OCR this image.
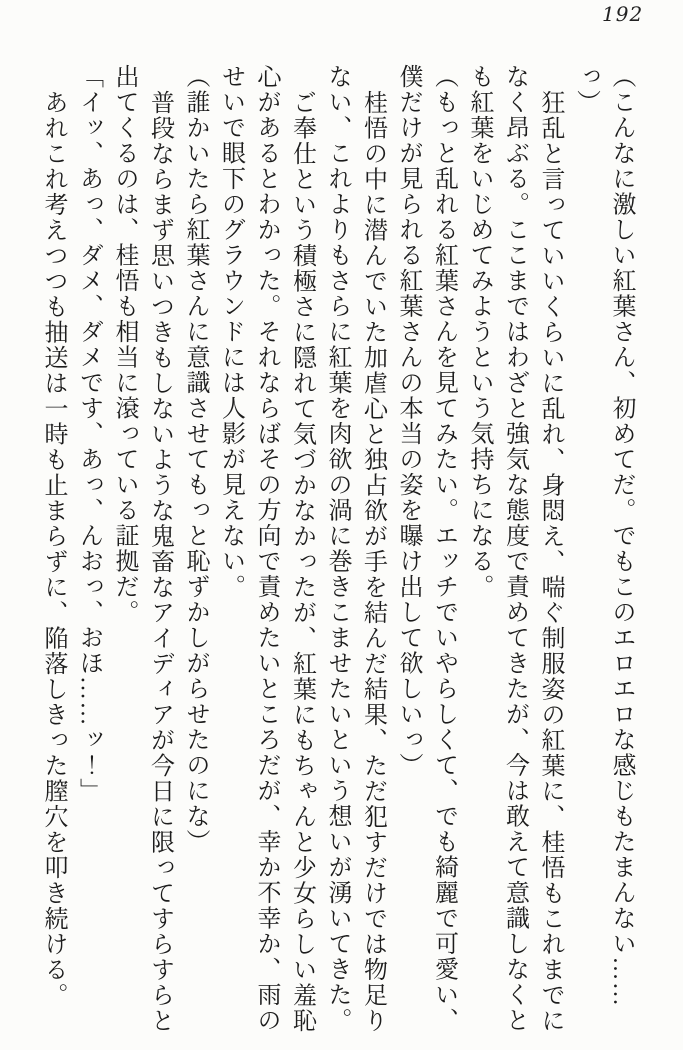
192

（こんなに激しい紅葉さん、初めてだ。でもこのエロエロな感じもたまんない……

っ）

狂乱と言っていいくらいに乱れ、身悶え、喘ぐ制服姿の紅葉に、桂悟もこれまでに

なく昂ぶる。ここまではわざと強気な態度で責めてきたが、今は敢えて意識しなくと

も紅葉をいじめてみようという気持ちになる。

（もっと乱れる紅葉さんを見てみたい。エッチでいやらしくて、でも綺麗で可愛い、

僕だけが見られる紅葉さんの本当の姿を曝け出して欲しいっ）

桂悟の中に潜んでいた加虐心と独占欲が手を結んだ結果、ただ犯すだけでは物足り

ない、これよりもさらに紅葉を肉欲の渦に巻きこませたいという想いが湧いてきた。

ご奉仕という積極さに隠れて気づかなかったが、紅葉にもちゃんと少女らしい羞恥

心があるとわかった。それならばその方向で責めたいところだが、幸か不幸か、雨の

せいで眼下のグラウンドには人影が見えない。

（誰かいたら紅葉さんに意識させてもっと恥ずかしがらせたのにな）

普段ならまず思いつきもしないような鬼畜なアイディアが今日に限ってすらすらと

出てくるのは、桂悟も相当に滾っている証拠だ。

「イッ、あっ、ダメ、ダメです、あっ、んおっ、おほ……ッ！」

あれこれ考えつつも抽送は一時も止まらずに、陥落しきった膣穴を叩き続ける。
